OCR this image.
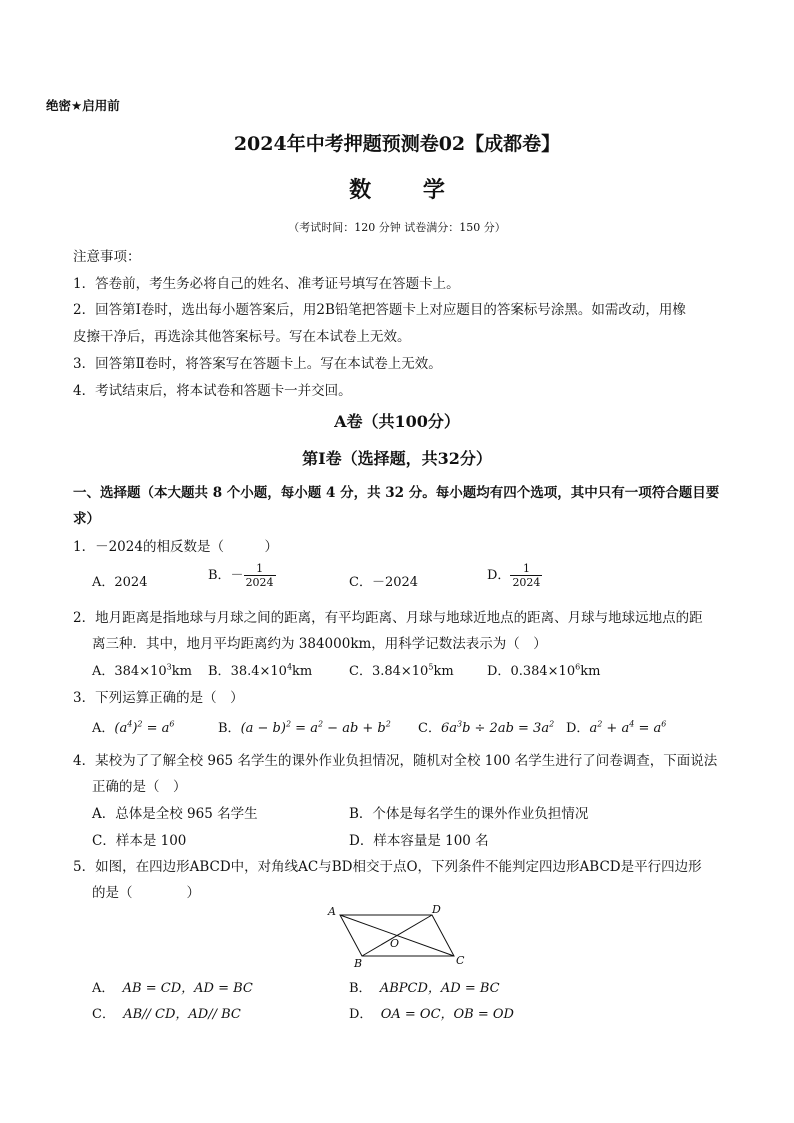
绝密★启用前
2024年中考押题预测卷02【成都卷】
数 学
（考试时间：120 分钟 试卷满分：150 分）
注意事项：
1．答卷前，考生务必将自己的姓名、准考证号填写在答题卡上。
2．回答第Ⅰ卷时，选出每小题答案后，用2B铅笔把答题卡上对应题目的答案标号涂黑。如需改动，用橡
皮擦干净后，再选涂其他答案标号。写在本试卷上无效。
3．回答第Ⅱ卷时，将答案写在答题卡上。写在本试卷上无效。
4．考试结束后，将本试卷和答题卡一并交回。
A卷（共100分）
第Ⅰ卷（选择题，共32分）
一、选择题（本大题共 8 个小题，每小题 4 分，共 32 分。每小题均有四个选项，其中只有一项符合题目要
求）
1．－2024的相反数是（　　　）
A．2024	B．－ $\frac{1}{2024}$	C．－2024	D． $\frac{1}{2024}$
2．地月距离是指地球与月球之间的距离，有平均距离、月球与地球近地点的距离、月球与地球远地点的距
离三种．其中，地月平均距离约为 384000km，用科学记数法表示为（　）
A．$384\times 10^3km$ B．$38.4\times 10^4km$	C．$3.84\times 10^5km$	D．$0.384\times 10^6km$
3．下列运算正确的是（　）
A．$(a^4)^2 = a^6$	B．$(a - b)^2 = a^2$ − ab + $b^2$ C．$6a^3b \div 2ab = 3a^2$ D．$a^2 + a^4 = a^6$
4．某校为了了解全校 965 名学生的课外作业负担情况，随机对全校 100 名学生进行了问卷调查，下面说法
正确的是（　）
A．总体是全校 965 名学生	B．个体是每名学生的课外作业负担情况
C．样本是 100	D．样本容量是 100 名
5．如图，在四边形ABCD中，对角线AC与BD相交于点O，下列条件不能判定四边形ABCD是平行四边形
的是（　　　　）
A	D
B	C
O
A． AB = CD，AD = BC	B． ABPCD，AD = BC
C． AB// CD，AD// BC	D． OA = OC，OB = OD
